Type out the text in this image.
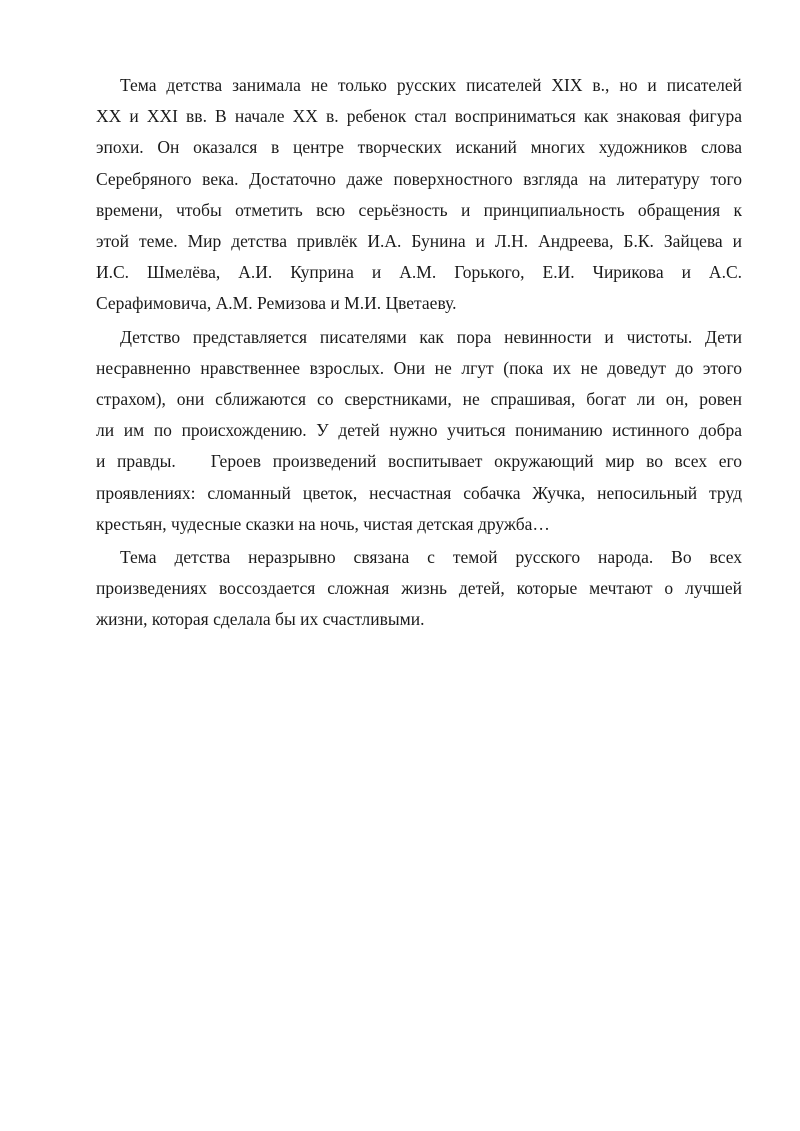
Тема детства занимала не только русских писателей XIX в., но и писателей
XX и XXI вв. В начале XX в. ребенок стал восприниматься как знаковая фигура
эпохи. Он оказался в центре творческих исканий многих художников слова
Серебряного века. Достаточно даже поверхностного взгляда на литературу того
времени, чтобы отметить всю серьёзность и принципиальность обращения к
этой теме. Мир детства привлёк И.А. Бунина и Л.Н. Андреева, Б.К. Зайцева и
И.С. Шмелёва, А.И. Куприна и А.М. Горького, Е.И. Чирикова и А.С.
Серафимовича, А.М. Ремизова и М.И. Цветаеву.
Детство представляется писателями как пора невинности и чистоты. Дети
несравненно нравственнее взрослых. Они не лгут (пока их не доведут до этого
страхом), они сближаются со сверстниками, не спрашивая, богат ли он, ровен
ли им по происхождению. У детей нужно учиться пониманию истинного добра
и правды.   Героев произведений воспитывает окружающий мир во всех его
проявлениях: сломанный цветок, несчастная собачка Жучка, непосильный труд
крестьян, чудесные сказки на ночь, чистая детская дружба…
Тема детства неразрывно связана с темой русского народа. Во всех
произведениях воссоздается сложная жизнь детей, которые мечтают о лучшей
жизни, которая сделала бы их счастливыми.
